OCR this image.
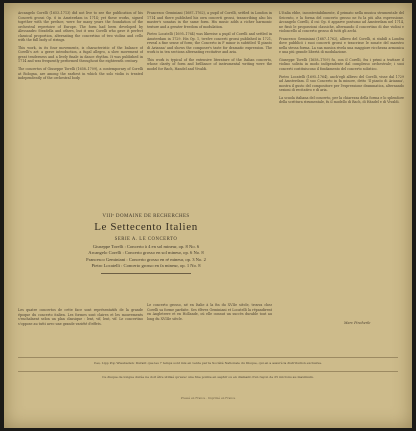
Arcangelo Corelli (1653–1713) did not live to see the publication of his Concerti grossi Op. 6 in Amsterdam in 1714; yet these works, signed together with the preface, were for many years the foundation of the orchestral repertoire of Europe. The form had been developed by Alessandro Stradella and others, but it was Corelli who gave it perfect classical proportion, alternating the concertino of two violins and cello with the full body of strings.

This work, in its four movements, is characteristic of the balance of Corelli's art: a grave introduction, a fugal allegro, a slow movement of great tenderness and a lively finale in dance rhythm. It was published in 1714 and was frequently performed throughout the eighteenth century.

The concertos of Giuseppe Torelli (1658–1709), a contemporary of Corelli at Bologna, are among the earliest in which the solo violin is treated independently of the orchestral body.

Francesco Geminiani (1687–1762), a pupil of Corelli, settled in London in 1714 and there published his own concerti grossi, transcribing also his master's sonatas in the same form. His music adds a richer harmonic texture and a greater freedom of modulation.

Pietro Locatelli (1695–1764) was likewise a pupil of Corelli and settled in Amsterdam in 1729. His Op. 1, twelve concerti grossi published in 1721, reveal a fine sense of form; the Concerto in F minor is subtitled 'Il pianto di Arianna' and shows the composer's taste for dramatic expression. The work is in ten sections alternating recitative and aria.

This work is typical of the extensive literature of the Italian concerto, whose clarity of form and brilliance of instrumental writing were the model for Bach, Handel and Vivaldi.

L'Italia ebbe, incontestabilmente, il primato nella musica strumentale del Seicento, e la forma del concerto grosso ne fu la più alta espressione. Arcangelo Corelli, il cui Op. 6 apparve postumo ad Amsterdam nel 1714, ne fissò le proporzioni classiche, alternando il concertino di due violini e violoncello al concerto grosso di tutti gli archi.

Francesco Geminiani (1687–1762), allievo del Corelli, si stabilì a Londra dove pubblicò i suoi concerti grossi e trascrisse le sonate del maestro nella stessa forma. La sua musica rivela una maggiore ricchezza armonica e una più grande libertà di modulazione.

Giuseppe Torelli (1658–1709) fu, con il Corelli, fra i primi a trattare il violino solista in modo indipendente dal complesso orchestrale; i suoi concerti costituiscono il fondamento del concerto solistico.

Pietro Locatelli (1695–1764), anch'egli allievo del Corelli, visse dal 1729 ad Amsterdam. Il suo Concerto in fa minore, detto 'Il pianto di Arianna', mostra il gusto del compositore per l'espressione drammatica, alternando sezioni di recitativo e di aria.

La scuola italiana del concerto, per la chiarezza della forma e lo splendore della scrittura strumentale, fu il modello di Bach, di Händel e di Vivaldi.

VIIIᵉ DOMAINE DE RECHERCHES
Le Settecento Italien
SERIE A. LE CONCERTO
Giuseppe Torelli : Concerto à 4 en sol mineur, op. 8 No. 6
Arcangelo Corelli : Concerto grosso en sol mineur, op. 6 No. 8
Francesco Geminiani : Concerto grosso en ré mineur, op. 3 No. 2
Pietro Locatelli : Concerto grosso en fa mineur, op. 1 No. 8

Les quatre concertos de cette face sont représentatifs de la grande époque du concerto italien. Les formes sont claires et les mouvements s'enchaînent selon un plan classique : lent, vif, lent, vif. Le concertino s'oppose au tutti avec une grande variété d'effets.

Le concerto grosso, né en Italie à la fin du XVIIe siècle, trouva chez Corelli sa forme parfaite. Ses élèves Geminiani et Locatelli la répandirent en Angleterre et en Hollande, où elle connut un succès durable tout au long du XVIIIe siècle.

Marc Pincherle
Ces, Lipp Pop Wiesbaden: Durant que les 7 temps sont mis en vente par la Société Nationale du Disque, qui en a assuré la distribution exclusive.
Ce disque de longue durée ne doit être utilisé qu'avec une fine pointe en saphir ou en diamant d'un rayon de 25 microns au maximum.
Pressé en France · Imprimé en France
